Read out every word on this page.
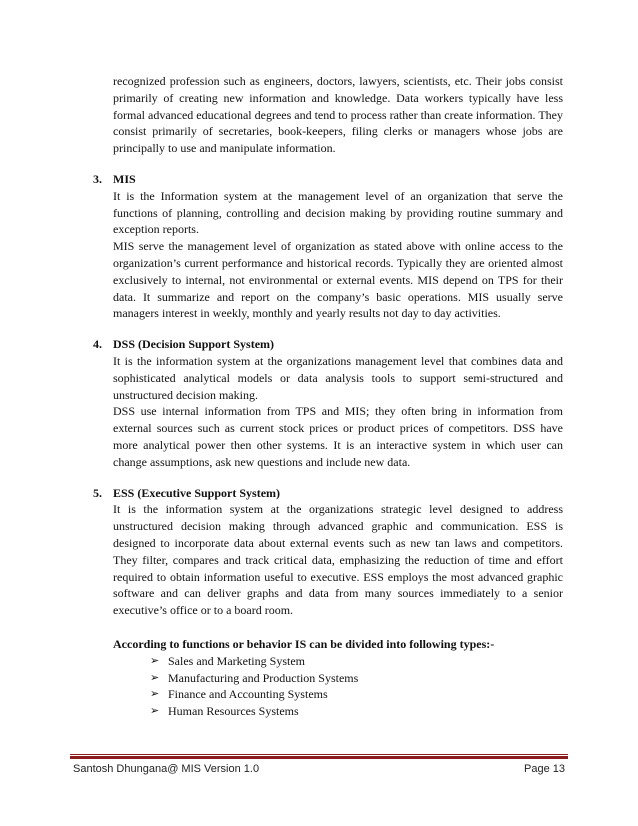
recognized profession such as engineers, doctors, lawyers, scientists, etc. Their jobs consist primarily of creating new information and knowledge. Data workers typically have less formal advanced educational degrees and tend to process rather than create information. They consist primarily of secretaries, book-keepers, filing clerks or managers whose jobs are principally to use and manipulate information.

3. MIS

It is the Information system at the management level of an organization that serve the functions of planning, controlling and decision making by providing routine summary and exception reports.

MIS serve the management level of organization as stated above with online access to the organization’s current performance and historical records. Typically they are oriented almost exclusively to internal, not environmental or external events. MIS depend on TPS for their data. It summarize and report on the company’s basic operations. MIS usually serve managers interest in weekly, monthly and yearly results not day to day activities.

4. DSS (Decision Support System)

It is the information system at the organizations management level that combines data and sophisticated analytical models or data analysis tools to support semi-structured and unstructured decision making.

DSS use internal information from TPS and MIS; they often bring in information from external sources such as current stock prices or product prices of competitors. DSS have more analytical power then other systems. It is an interactive system in which user can change assumptions, ask new questions and include new data.

5. ESS (Executive Support System)

It is the information system at the organizations strategic level designed to address unstructured decision making through advanced graphic and communication. ESS is designed to incorporate data about external events such as new tan laws and competitors. They filter, compares and track critical data, emphasizing the reduction of time and effort required to obtain information useful to executive. ESS employs the most advanced graphic software and can deliver graphs and data from many sources immediately to a senior executive’s office or to a board room.

According to functions or behavior IS can be divided into following types:-

➢ Sales and Marketing System
➢ Manufacturing and Production Systems
➢ Finance and Accounting Systems
➢ Human Resources Systems
Santosh Dhungana@ MIS Version 1.0	Page 13
